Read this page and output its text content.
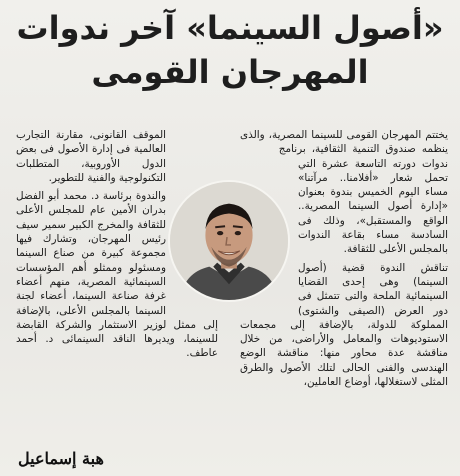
«أصول السينما» آخر ندوات
المهرجان القومى

يختتم المهرجان القومى للسينما المصرية، والذى ينظمه صندوق التنمية الثقافية، برنامج ندوات دورته التاسعة عشرة التي تحمل شعار «أفلامنا.. مرآتنا» مساء اليوم الخميس بندوة بعنوان «إدارة أصول السينما المصرية.. الواقع والمستقبل»، وذلك فى السادسة مساء بقاعة الندوات بالمجلس الأعلى للثقافة.

تناقش الندوة قضية (أصول السينما) وهى إحدى القضايا السينمائية الملحة والتى تتمثل فى دور العرض (الصيفى والشتوى) المملوكة للدولة، بالإضافة إلى مجمعات الاستوديوهات والمعامل والأراضى، من خلال مناقشة عدة محاور منها: مناقشة الوضع الهندسى والفنى الحالى لتلك الأصول والطرق المثلى لاستغلالها، أوضاع العاملين،

الموقف القانونى، مقارنة التجارب العالمية فى إدارة الأصول فى بعض الدول الأوروبية، المتطلبات التكنولوجية والفنية للتطوير.

والندوة برئاسة د. محمد أبو الفضل بدران الأمين عام للمجلس الأعلى للثقافة والمخرج الكبير سمير سيف رئيس المهرجان، وتشارك فيها مجموعة كبيرة من صناع السينما ومسئولو وممثلو أهم المؤسسات السينمائية المصرية، منهم أعضاء غرفة صناعة السينما، أعضاء لجنة السينما بالمجلس الأعلى، بالإضافة إلى ممثل لوزير الاستثمار والشركة القابضة للسينما، ويديرها الناقد السينمائى د. أحمد عاطف.

هبة إسماعيل
